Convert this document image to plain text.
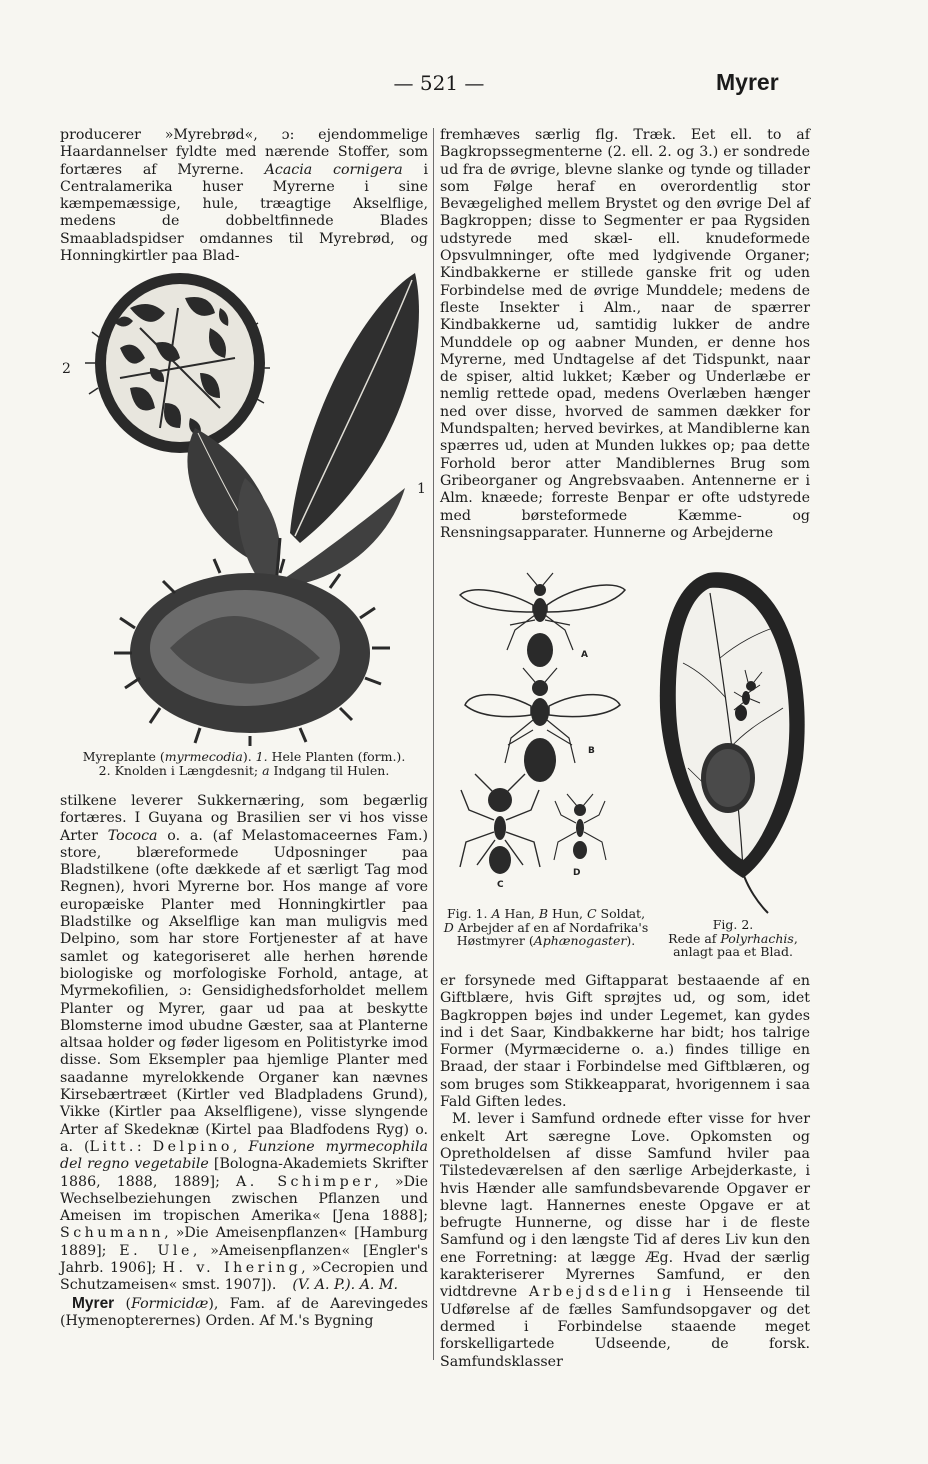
— 521 —	Myrer

producerer »Myrebrød«, ɔ: ejendommelige Haardannelser fyldte med nærende Stoffer, som fortæres af Myrerne. Acacia cornigera i Centralamerika huser Myrerne i sine kæmpemæssige, hule, træagtige Akselflige, medens de dobbeltfinnede Blades Smaabladspidser omdannes til Myrebrød, og Honningkirtler paa Blad-

2
1
Myreplante (myrmecodia). 1. Hele Planten (form.).
2. Knolden i Længdesnit; a Indgang til Hulen.

stilkene leverer Sukkernæring, som begærlig fortæres. I Guyana og Brasilien ser vi hos visse Arter Tococa o. a. (af Melastomaceernes Fam.) store, blæreformede Udposninger paa Bladstilkene (ofte dækkede af et særligt Tag mod Regnen), hvori Myrerne bor. Hos mange af vore europæiske Planter med Honningkirtler paa Bladstilke og Akselflige kan man muligvis med Delpino, som har store Fortjenester af at have samlet og kategoriseret alle herhen hørende biologiske og morfologiske Forhold, antage, at Myrmekofilien, ɔ: Gensidighedsforholdet mellem Planter og Myrer, gaar ud paa at beskytte Blomsterne imod ubudne Gæster, saa at Planterne altsaa holder og føder ligesom en Politistyrke imod disse. Som Eksempler paa hjemlige Planter med saadanne myrelokkende Organer kan nævnes Kirsebærtræet (Kirtler ved Bladpladens Grund), Vikke (Kirtler paa Akselfligene), visse slyngende Arter af Skedeknæ (Kirtel paa Bladfodens Ryg) o. a. (Litt.: Delpino, Funzione myrmecophila del regno vegetabile [Bologna-Akademiets Skrifter 1886, 1888, 1889]; A. Schimper, »Die Wechselbeziehungen zwischen Pflanzen und Ameisen im tropischen Amerika« [Jena 1888]; Schumann, »Die Ameisenpflanzen« [Hamburg 1889]; E. Ule, »Ameisenpflanzen« [Engler's Jahrb. 1906]; H. v. Ihering, »Cecropien und Schutzameisen« smst. 1907]). (V. A. P.). A. M.

Myrer (Formicidæ), Fam. af de Aarevingedes (Hymenopterernes) Orden. Af M.'s Bygning

fremhæves særlig flg. Træk. Eet ell. to af Bagkropssegmenterne (2. ell. 2. og 3.) er sondrede ud fra de øvrige, blevne slanke og tynde og tillader som Følge heraf en overordentlig stor Bevægelighed mellem Brystet og den øvrige Del af Bagkroppen; disse to Segmenter er paa Rygsiden udstyrede med skæl- ell. knudeformede Opsvulmninger, ofte med lydgivende Organer; Kindbakkerne er stillede ganske frit og uden Forbindelse med de øvrige Munddele; medens de fleste Insekter i Alm., naar de spærrer Kindbakkerne ud, samtidig lukker de andre Munddele op og aabner Munden, er denne hos Myrerne, med Undtagelse af det Tidspunkt, naar de spiser, altid lukket; Kæber og Underlæbe er nemlig rettede opad, medens Overlæben hænger ned over disse, hvorved de sammen dækker for Mundspalten; herved bevirkes, at Mandiblerne kan spærres ud, uden at Munden lukkes op; paa dette Forhold beror atter Mandiblernes Brug som Gribeorganer og Angrebsvaaben. Antennerne er i Alm. knæede; forreste Benpar er ofte udstyrede med børsteformede Kæmme- og Rensningsapparater. Hunnerne og Arbejderne

A
B
C
D
Fig. 1. A Han, B Hun, C Soldat, D Arbejder af en af Nordafrika's Høstmyrer (Aphænogaster).
Fig. 2.
Rede af Polyrhachis, anlagt paa et Blad.

er forsynede med Giftapparat bestaaende af en Giftblære, hvis Gift sprøjtes ud, og som, idet Bagkroppen bøjes ind under Legemet, kan gydes ind i det Saar, Kindbakkerne har bidt; hos talrige Former (Myrmæciderne o. a.) findes tillige en Braad, der staar i Forbindelse med Giftblæren, og som bruges som Stikkeapparat, hvorigennem i saa Fald Giften ledes.

M. lever i Samfund ordnede efter visse for hver enkelt Art særegne Love. Opkomsten og Opretholdelsen af disse Samfund hviler paa Tilstedeværelsen af den særlige Arbejderkaste, i hvis Hænder alle samfundsbevarende Opgaver er blevne lagt. Hannernes eneste Opgave er at befrugte Hunnerne, og disse har i de fleste Samfund og i den længste Tid af deres Liv kun den ene Forretning: at lægge Æg. Hvad der særlig karakteriserer Myrernes Samfund, er den vidtdrevne Arbejdsdeling i Henseende til Udførelse af de fælles Samfundsopgaver og det dermed i Forbindelse staaende meget forskelligartede Udseende, de forsk. Samfundsklasser
